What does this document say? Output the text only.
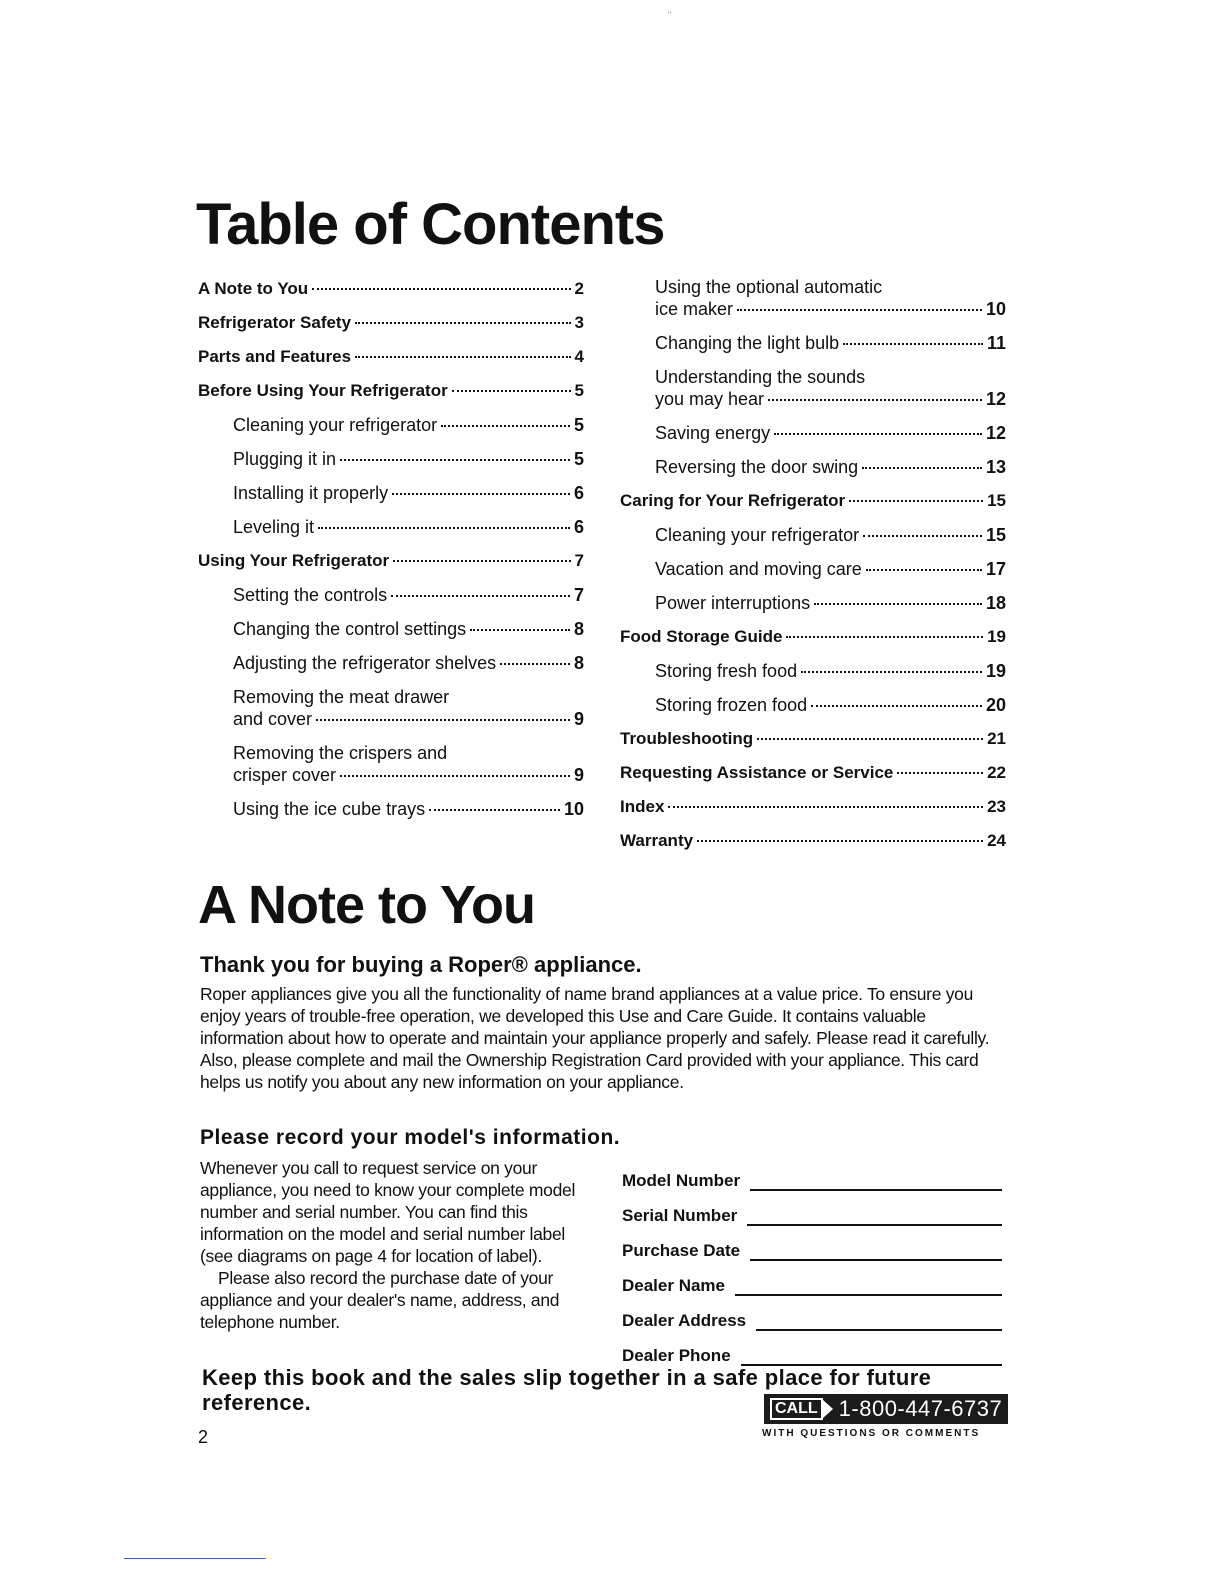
"
Table of Contents
A Note to You	2
Refrigerator Safety	3
Parts and Features	4
Before Using Your Refrigerator	5
Cleaning your refrigerator	5
Plugging it in	5
Installing it properly	6
Leveling it	6
Using Your Refrigerator	7
Setting the controls	7
Changing the control settings	8
Adjusting the refrigerator shelves	8
Removing the meat drawer
and cover	9
Removing the crispers and
crisper cover	9
Using the ice cube trays	10
Using the optional automatic
ice maker	10
Changing the light bulb	11
Understanding the sounds
you may hear	12
Saving energy	12
Reversing the door swing	13
Caring for Your Refrigerator	15
Cleaning your refrigerator	15
Vacation and moving care	17
Power interruptions	18
Food Storage Guide	19
Storing fresh food	19
Storing frozen food	20
Troubleshooting	21
Requesting Assistance or Service	22
Index	23
Warranty	24
A Note to You
Thank you for buying a Roper® appliance.

Roper appliances give you all the functionality of name brand appliances at a value price. To ensure you enjoy years of trouble-free operation, we developed this Use and Care Guide. It contains valuable information about how to operate and maintain your appliance properly and safely. Please read it carefully. Also, please complete and mail the Ownership Registration Card provided with your appliance. This card helps us notify you about any new information on your appliance.

Please record your model's information.

Whenever you call to request service on your appliance, you need to know your complete model number and serial number. You can find this information on the model and serial number label (see diagrams on page 4 for location of label).

Please also record the purchase date of your appliance and your dealer's name, address, and telephone number.

Model Number
Serial Number
Purchase Date
Dealer Name
Dealer Address
Dealer Phone

Keep this book and the sales slip together in a safe place for future reference.	CALL 1-800-447-6737
WITH QUESTIONS OR COMMENTS
2
